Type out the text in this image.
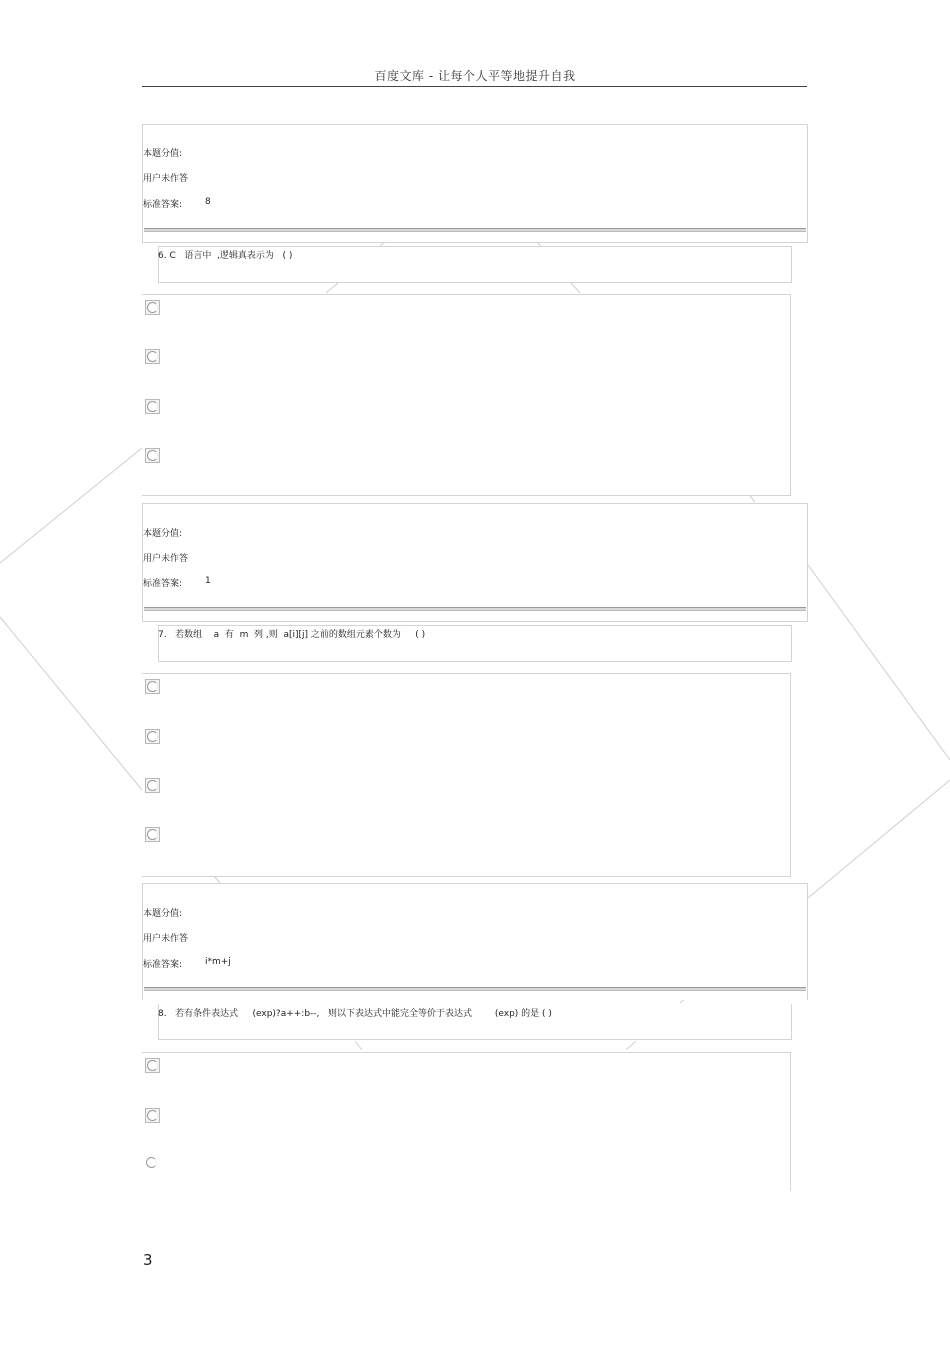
百度文库 - 让每个人平等地提升自我
本题分值:
用户未作答
标准答案:	8
6. C   语言中  ,逻辑真表示为   ( )
本题分值:
用户未作答
标准答案:	1
7.   若数组    a  有  m  列 ,则  a[i][j] 之前的数组元素个数为     ( )
本题分值:
用户未作答
标准答案:	i*m+j
8.   若有条件表达式     (exp)?a++:b--,   则以下表达式中能完全等价于表达式        (exp) 的是 ( )
3
